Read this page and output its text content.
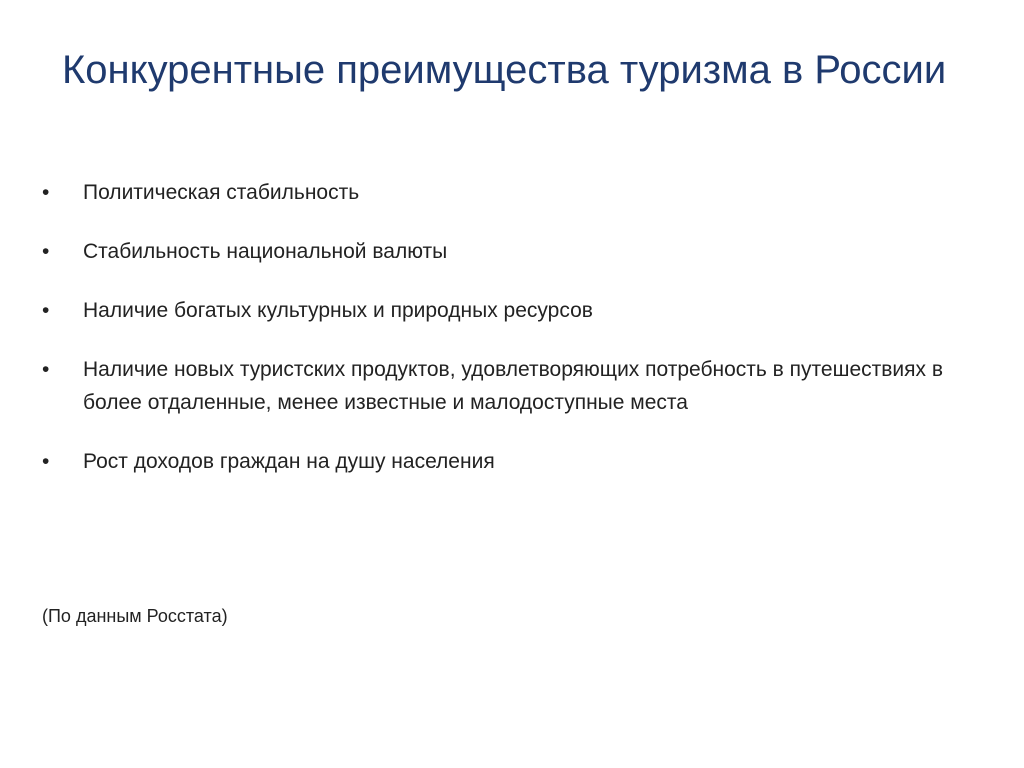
Конкурентные преимущества туризма в России
•	Политическая стабильность
•	Стабильность национальной валюты
•	Наличие богатых культурных и природных ресурсов
•	Наличие новых туристских продуктов, удовлетворяющих потребность в путешествиях в более отдаленные, менее известные и малодоступные места
•	Рост доходов граждан на душу населения
(По данным Росстата)
